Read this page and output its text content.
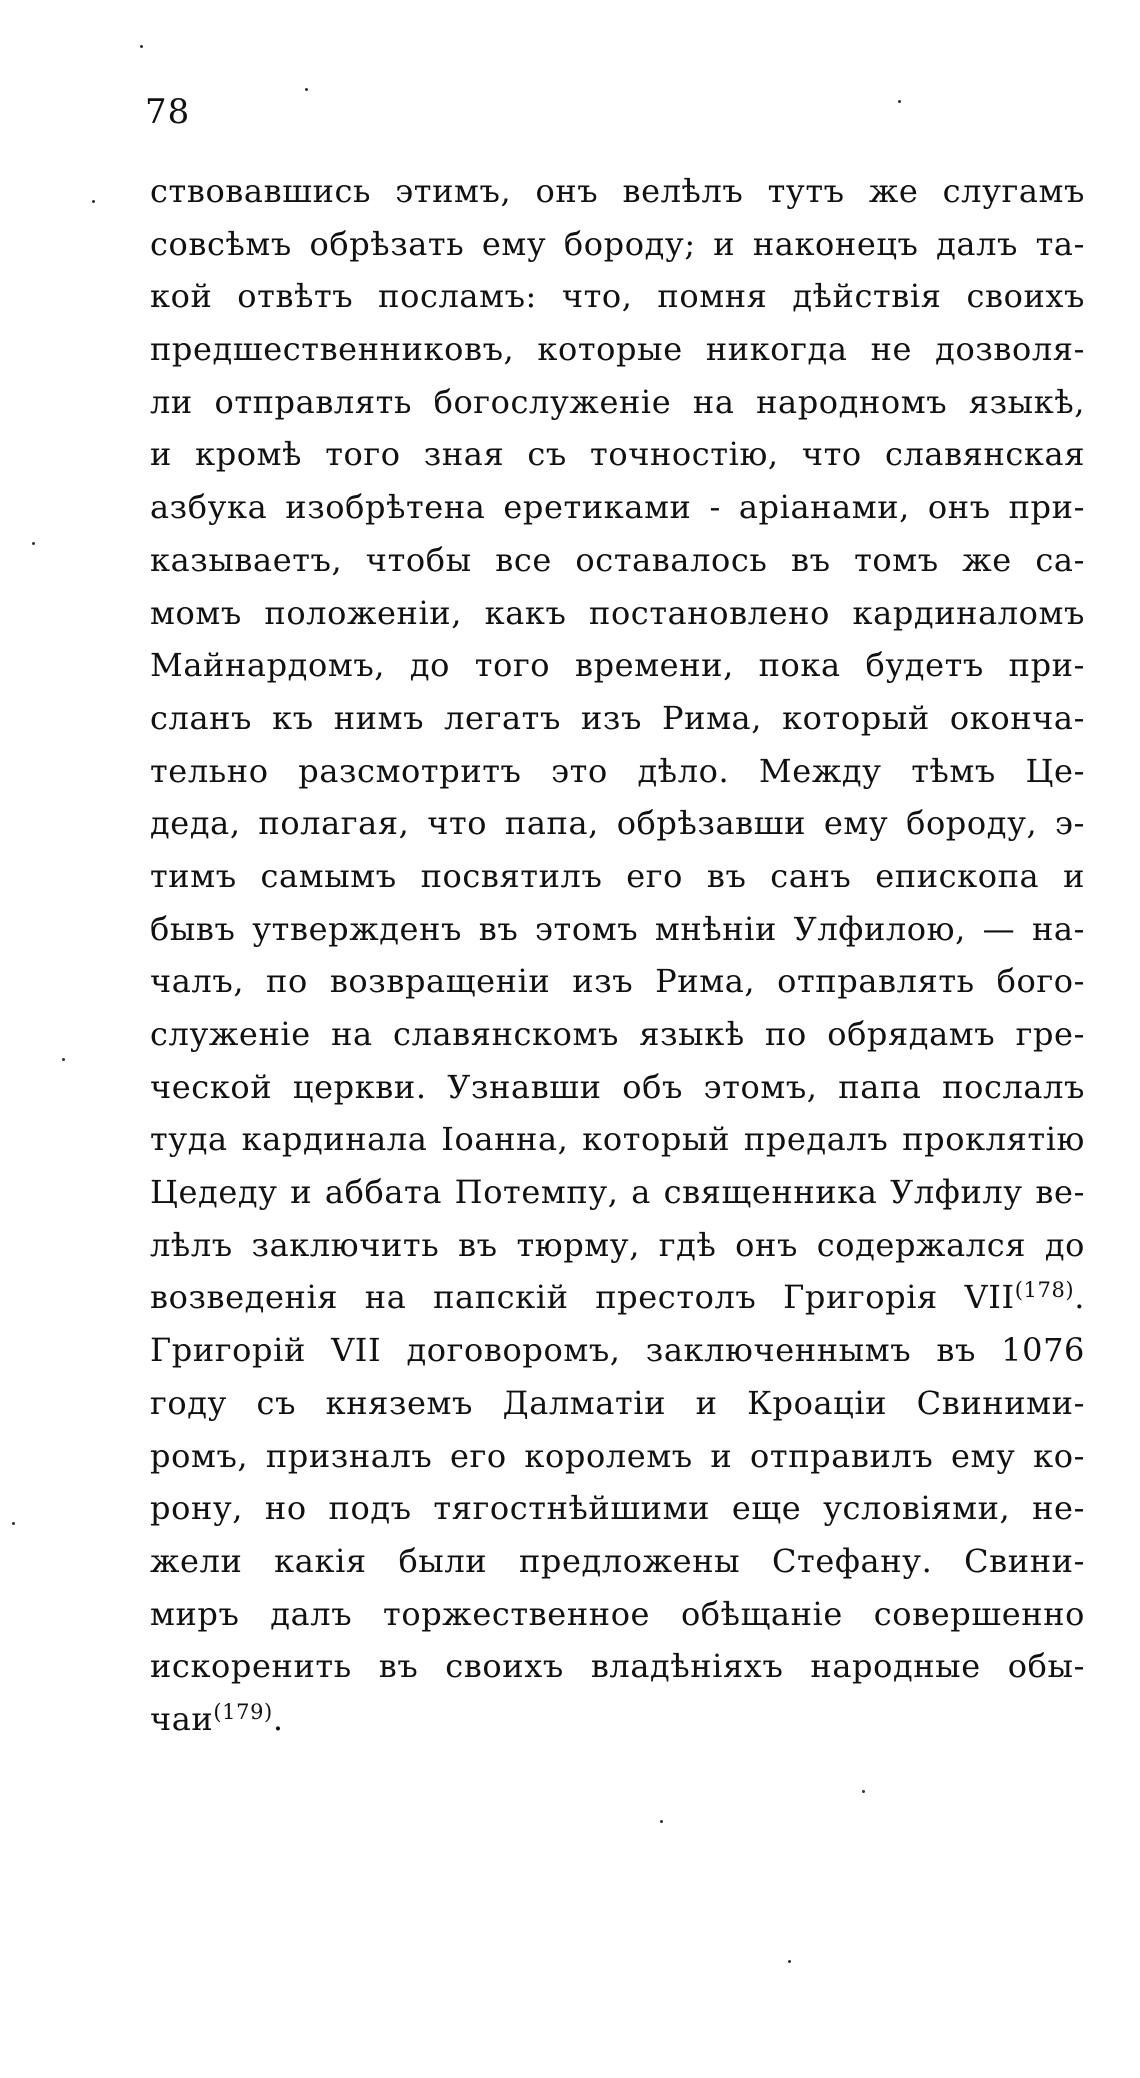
78
ствовавшись этимъ, онъ велѣлъ тутъ же слугамъ
совсѣмъ обрѣзать ему бороду; и наконецъ далъ та-
кой отвѣтъ посламъ: что, помня дѣйствія своихъ
предшественниковъ, которые никогда не дозволя-
ли отправлять богослуженіе на народномъ языкѣ,
и кромѣ того зная съ точностію, что славянская
азбука изобрѣтена еретиками - аріанами, онъ при-
казываетъ, чтобы все оставалось въ томъ же са-
момъ положеніи, какъ постановлено кардиналомъ
Майнардомъ, до того времени, пока будетъ при-
сланъ къ нимъ легатъ изъ Рима, который оконча-
тельно разсмотритъ это дѣло. Между тѣмъ Це-
деда, полагая, что папа, обрѣзавши ему бороду, э-
тимъ самымъ посвятилъ его въ санъ епископа и
бывъ утвержденъ въ этомъ мнѣніи Улфилою, — на-
чалъ, по возвращеніи изъ Рима, отправлять бого-
служеніе на славянскомъ языкѣ по обрядамъ гре-
ческой церкви. Узнавши объ этомъ, папа послалъ
туда кардинала Іоанна, который предалъ проклятію
Цедеду и аббата Потемпу, а священника Улфилу ве-
лѣлъ заключить въ тюрму, гдѣ онъ содержался до
возведенія на папскій престолъ Григорія VII$^{(178)}$.
Григорій VII договоромъ, заключеннымъ въ 1076
году съ княземъ Далматіи и Кроаціи Свиними-
ромъ, призналъ его королемъ и отправилъ ему ко-
рону, но подъ тягостнѣйшими еще условіями, не-
жели какія были предложены Стефану. Свини-
миръ далъ торжественное обѣщаніе совершенно
искоренить въ своихъ владѣніяхъ народные обы-
чаи$^{(179)}$.
